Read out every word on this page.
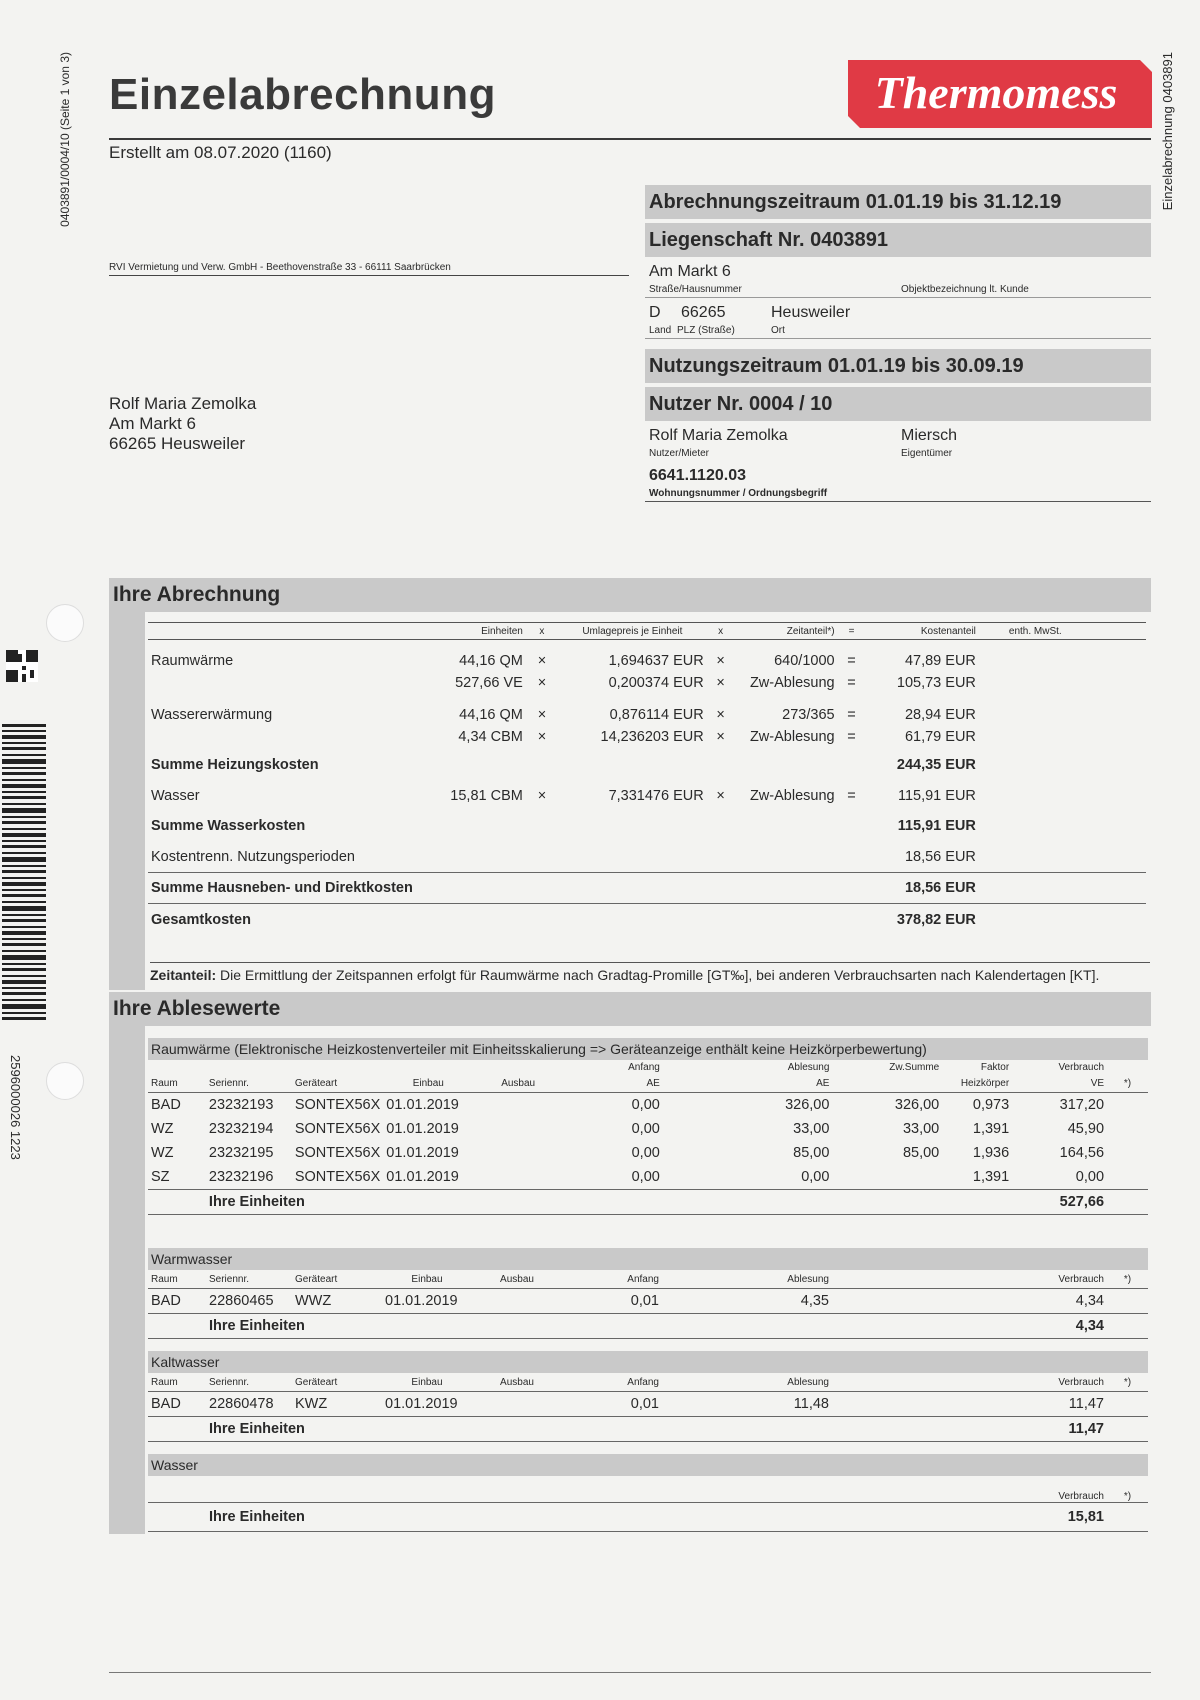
Einzelabrechnung
Erstellt am 08.07.2020 (1160)
Thermomess	Einzelabrechnung 0403891
0403891/0004/10 (Seite 1 von 3)
2596000026 1223
RVI Vermietung und Verw. GmbH - Beethovenstraße 33 - 66111 Saarbrücken
Rolf Maria Zemolka
Am Markt 6
66265 Heusweiler
Abrechnungszeitraum 01.01.19 bis 31.12.19
Liegenschaft Nr. 0403891
Am Markt 6
Straße/Hausnummer	Objektbezeichnung lt. Kunde
D 66265	Heusweiler
Land PLZ (Straße)	Ort
Nutzungszeitraum 01.01.19 bis 30.09.19
Nutzer Nr. 0004 / 10
Rolf Maria Zemolka	Miersch
Nutzer/Mieter	Eigentümer
6641.1120.03
Wohnungsnummer / Ordnungsbegriff
Ihre Abrechnung
	Einheiten	x	Umlagepreis je Einheit	x	Zeitanteil*)	=	Kostenanteil	enth. MwSt.

Raumwärme	44,16 QM	×	1,694637 EUR	×	640/1000	=	47,89 EUR	
	527,66 VE	×	0,200374 EUR	×	Zw-Ablesung	=	105,73 EUR	

Wassererwärmung	44,16 QM	×	0,876114 EUR	×	273/365	=	28,94 EUR	
	4,34 CBM	×	14,236203 EUR	×	Zw-Ablesung	=	61,79 EUR	
Summe Heizungskosten							244,35 EUR	
Wasser	15,81 CBM	×	7,331476 EUR	×	Zw-Ablesung	=	115,91 EUR	
Summe Wasserkosten							115,91 EUR	
Kostentrenn. Nutzungsperioden							18,56 EUR	
Summe Hausneben- und Direktkosten							18,56 EUR	
Gesamtkosten							378,82 EUR	
Zeitanteil: Die Ermittlung der Zeitspannen erfolgt für Raumwärme nach Gradtag-Promille [GT‰], bei anderen Verbrauchsarten nach Kalendertagen [KT].
Ihre Ablesewerte
Raumwärme (Elektronische Heizkostenverteiler mit Einheitsskalierung => Geräteanzeige enthält keine Heizkörperbewertung)										
					Anfang	Ablesung	Zw.Summe	Faktor	Verbrauch	
Raum	Seriennr.	Geräteart	Einbau	Ausbau	AE	AE		Heizkörper	VE	*)
BAD	23232193	SONTEX56X	01.01.2019		0,00	326,00	326,00	0,973	317,20	
WZ	23232194	SONTEX56X	01.01.2019		0,00	33,00	33,00	1,391	45,90	
WZ	23232195	SONTEX56X	01.01.2019		0,00	85,00	85,00	1,936	164,56	
SZ	23232196	SONTEX56X	01.01.2019		0,00	0,00		1,391	0,00	
	Ihre Einheiten								527,66	
Warmwasser										
Raum	Seriennr.	Geräteart	Einbau	Ausbau	Anfang	Ablesung			Verbrauch	*)
BAD	22860465	WWZ	01.01.2019		0,01	4,35			4,34	
	Ihre Einheiten								4,34	
Kaltwasser										
Raum	Seriennr.	Geräteart	Einbau	Ausbau	Anfang	Ablesung			Verbrauch	*)
BAD	22860478	KWZ	01.01.2019		0,01	11,48			11,47	
	Ihre Einheiten								11,47	
Wasser								
							Verbrauch	*)
	Ihre Einheiten						15,81	
